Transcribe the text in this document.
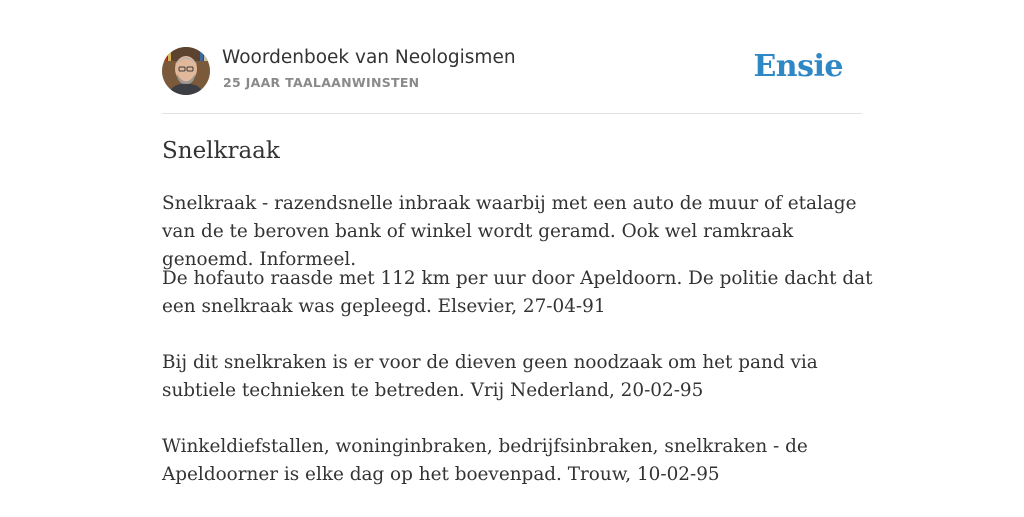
Woordenboek van Neologismen
25 JAAR TAALAANWINSTEN	Ensie
Snelkraak
Snelkraak - razendsnelle inbraak waarbij met een auto de muur of etalage van de te beroven bank of winkel wordt geramd. Ook wel ramkraak genoemd. Informeel.

De hofauto raasde met 112 km per uur door Apeldoorn. De politie dacht dat een snelkraak was gepleegd. Elsevier, 27-04-91

Bij dit snelkraken is er voor de dieven geen noodzaak om het pand via subtiele technieken te betreden. Vrij Nederland, 20-02-95

Winkeldiefstallen, woninginbraken, bedrijfsinbraken, snelkraken - de Apeldoorner is elke dag op het boevenpad. Trouw, 10-02-95
